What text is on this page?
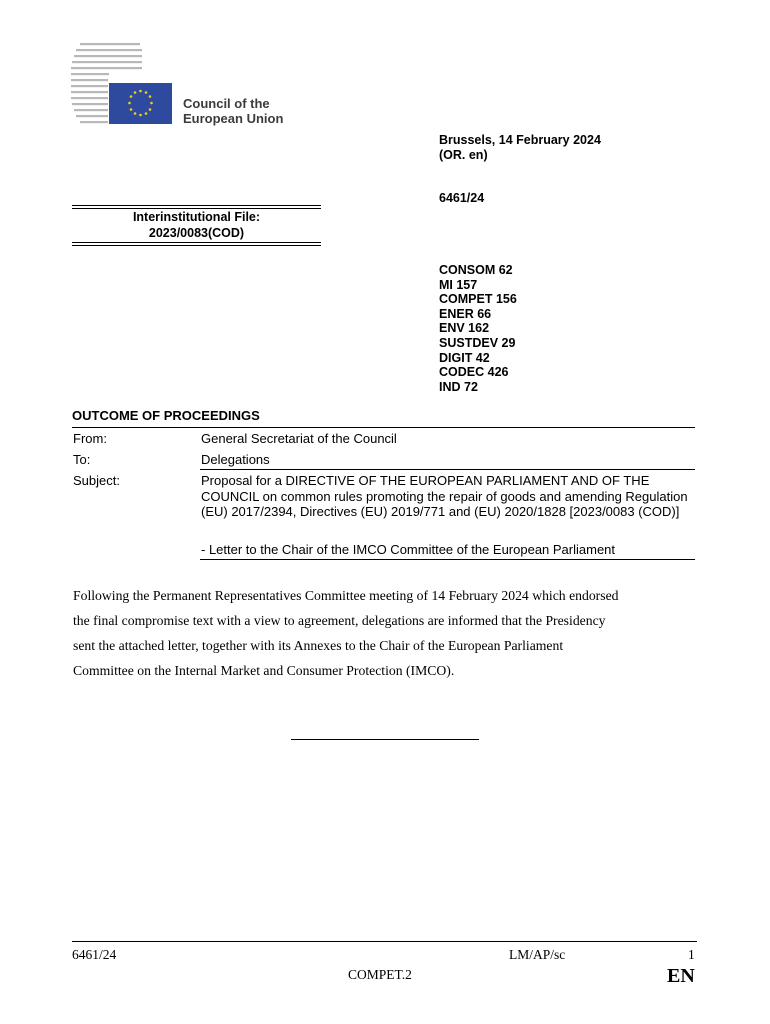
Council of the
European Union
Brussels, 14 February 2024
(OR. en)
6461/24
Interinstitutional File:
2023/0083(COD)
CONSOM 62
MI 157
COMPET 156
ENER 66
ENV 162
SUSTDEV 29
DIGIT 42
CODEC 426
IND 72
OUTCOME OF PROCEEDINGS
From:	General Secretariat of the Council
To:	Delegations
Subject:	Proposal for a DIRECTIVE OF THE EUROPEAN PARLIAMENT AND OF THE COUNCIL on common rules promoting the repair of goods and amending Regulation (EU) 2017/2394, Directives (EU) 2019/771 and (EU) 2020/1828 [2023/0083 (COD)]
- Letter to the Chair of the IMCO Committee of the European Parliament
Following the Permanent Representatives Committee meeting of 14 February 2024 which endorsed
the final compromise text with a view to agreement, delegations are informed that the Presidency
sent the attached letter, together with its Annexes to the Chair of the European Parliament
Committee on the Internal Market and Consumer Protection (IMCO).
6461/24	LM/AP/sc	1
COMPET.2	EN
